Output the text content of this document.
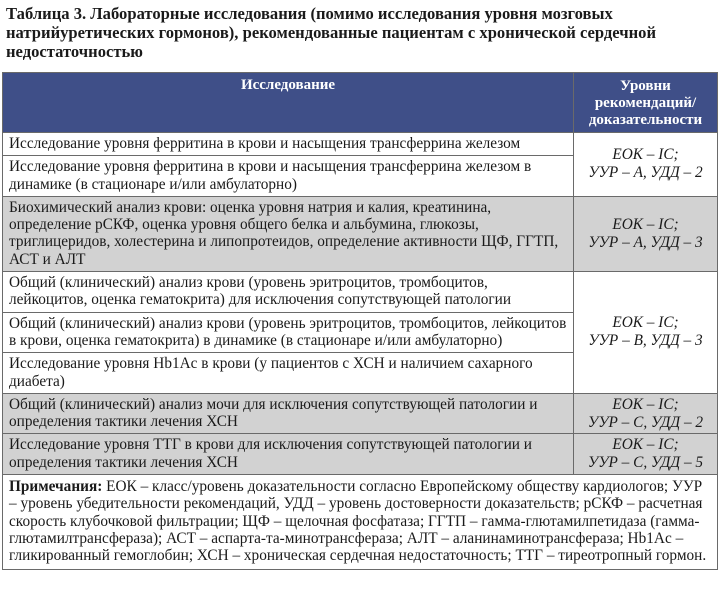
Таблица 3. Лабораторные исследования (помимо исследования уровня мозговых натрийуретических гормонов), рекомендованные пациентам с хронической сердечной недостаточностью
Исследование	Уровни рекомендаций/ доказательности
Исследование уровня ферритина в крови и насыщения трансферрина железом	ЕОК – IC;
УУР – А, УДД – 2

Исследование уровня ферритина в крови и насыщения трансферрина железом в динамике (в стационаре и/или амбулаторно)	
Биохимический анализ крови: оценка уровня натрия и калия, креатинина, определение рСКФ, оценка уровня общего белка и альбумина, глюкозы, триглицеридов, холестерина и липопротеидов, определение активности ЩФ, ГГТП, АСТ и АЛТ	ЕОК – IC;
УУР – А, УДД – 3

Общий (клинический) анализ крови (уровень эритроцитов, тромбоцитов, лейкоцитов, оценка гематокрита) для исключения сопутствующей патологии	ЕОК – IC;
УУР – В, УДД – 3

Общий (клинический) анализ крови (уровень эритроцитов, тромбоцитов, лейкоцитов в крови, оценка гематокрита) в динамике (в стационаре и/или амбулаторно)	
Исследование уровня Hb1Ac в крови (у пациентов с ХСН и наличием сахарного диабета)	
Общий (клинический) анализ мочи для исключения сопутствующей патологии и определения тактики лечения ХСН	ЕОК – IC;
УУР – С, УДД – 2

Исследование уровня ТТГ в крови для исключения сопутствующей патологии и определения тактики лечения ХСН	ЕОК – IC;
УУР – С, УДД – 5

Примечания: ЕОК – класс/уровень доказательности согласно Европейскому обществу кардиологов; УУР – уровень убедительности рекомендаций, УДД – уровень достоверности доказательств; рСКФ – расчетная скорость клубочковой фильтрации; ЩФ – щелочная фосфатаза; ГГТП – гамма-глютамилпетидаза (гамма-глютамилтрансфераза); АСТ – аспарта-та-минотрансфераза; АЛТ – аланинаминотрансфераза; Hb1Ac – гликированный гемоглобин; ХСН – хроническая сердечная недостаточность; ТТГ – тиреотропный гормон.	
